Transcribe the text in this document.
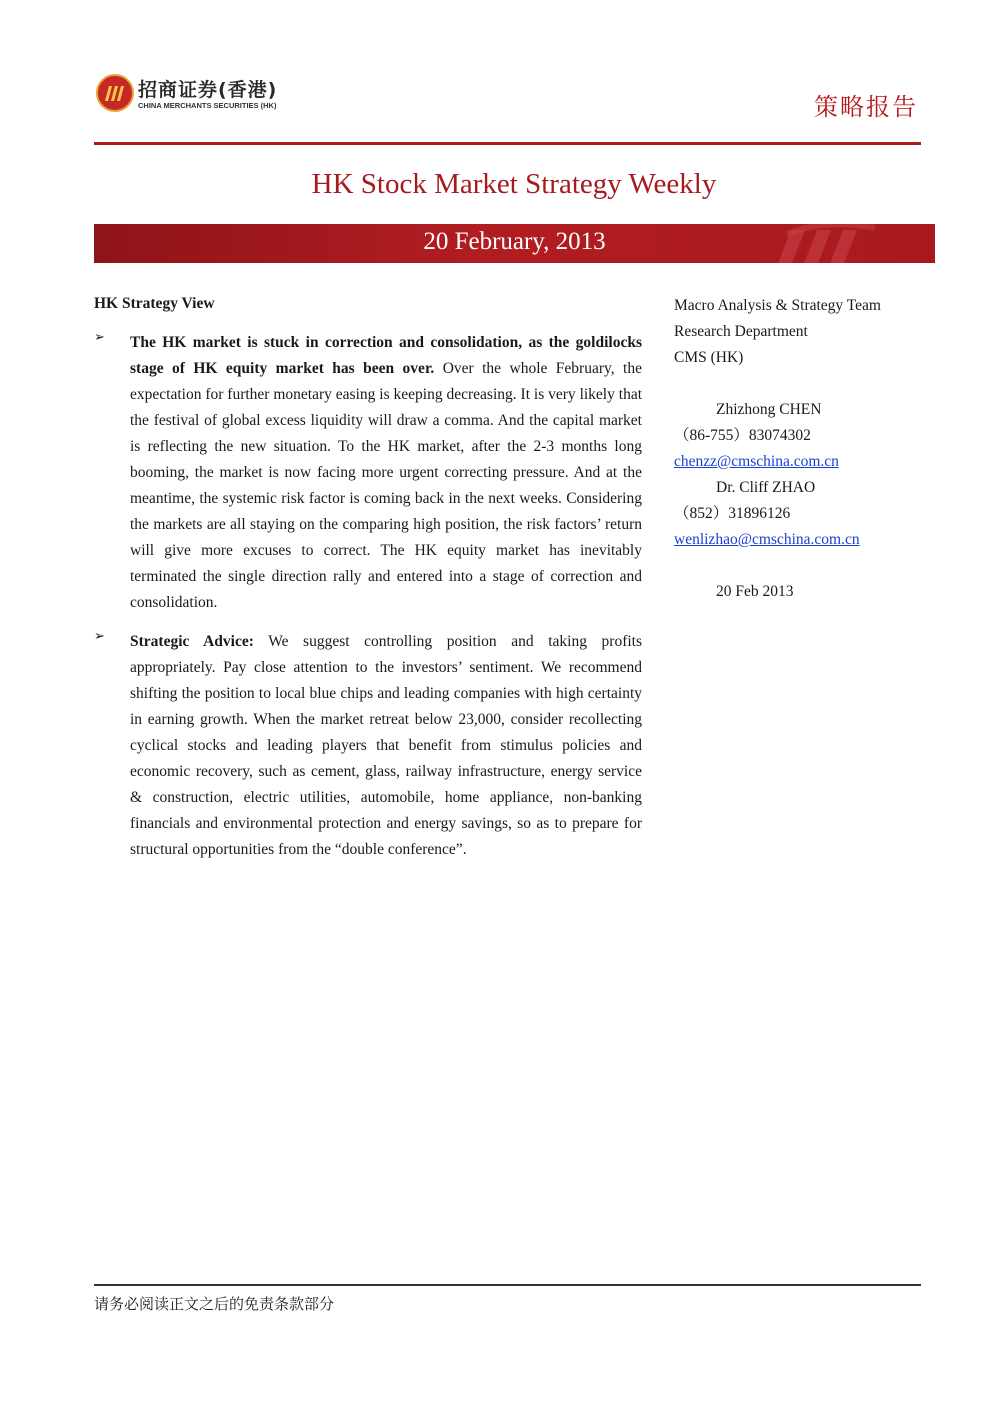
招商证券(香港)
CHINA MERCHANTS SECURITIES (HK)	策略报告
HK Stock Market Strategy Weekly
20 February, 2013
HK Strategy View
➢ The HK market is stuck in correction and consolidation, as the goldilocks stage of HK equity market has been over. Over the whole February, the expectation for further monetary easing is keeping decreasing. It is very likely that the festival of global excess liquidity will draw a comma. And the capital market is reflecting the new situation. To the HK market, after the 2-3 months long booming, the market is now facing more urgent correcting pressure. And at the meantime, the systemic risk factor is coming back in the next weeks. Considering the markets are all staying on the comparing high position, the risk factors’ return will give more excuses to correct. The HK equity market has inevitably terminated the single direction rally and entered into a stage of correction and consolidation.

➢ Strategic Advice: We suggest controlling position and taking profits appropriately. Pay close attention to the investors’ sentiment. We recommend shifting the position to local blue chips and leading companies with high certainty in earning growth. When the market retreat below 23,000, consider recollecting cyclical stocks and leading players that benefit from stimulus policies and economic recovery, such as cement, glass, railway infrastructure, energy service & construction, electric utilities, automobile, home appliance, non-banking financials and environmental protection and energy savings, so as to prepare for structural opportunities from the “double conference”.

Macro Analysis & Strategy Team
Research Department
CMS (HK)
Zhizhong CHEN
（86-755）83074302
chenzz@cmschina.com.cn
Dr. Cliff ZHAO
（852）31896126
wenlizhao@cmschina.com.cn
20 Feb 2013
请务必阅读正文之后的免责条款部分
